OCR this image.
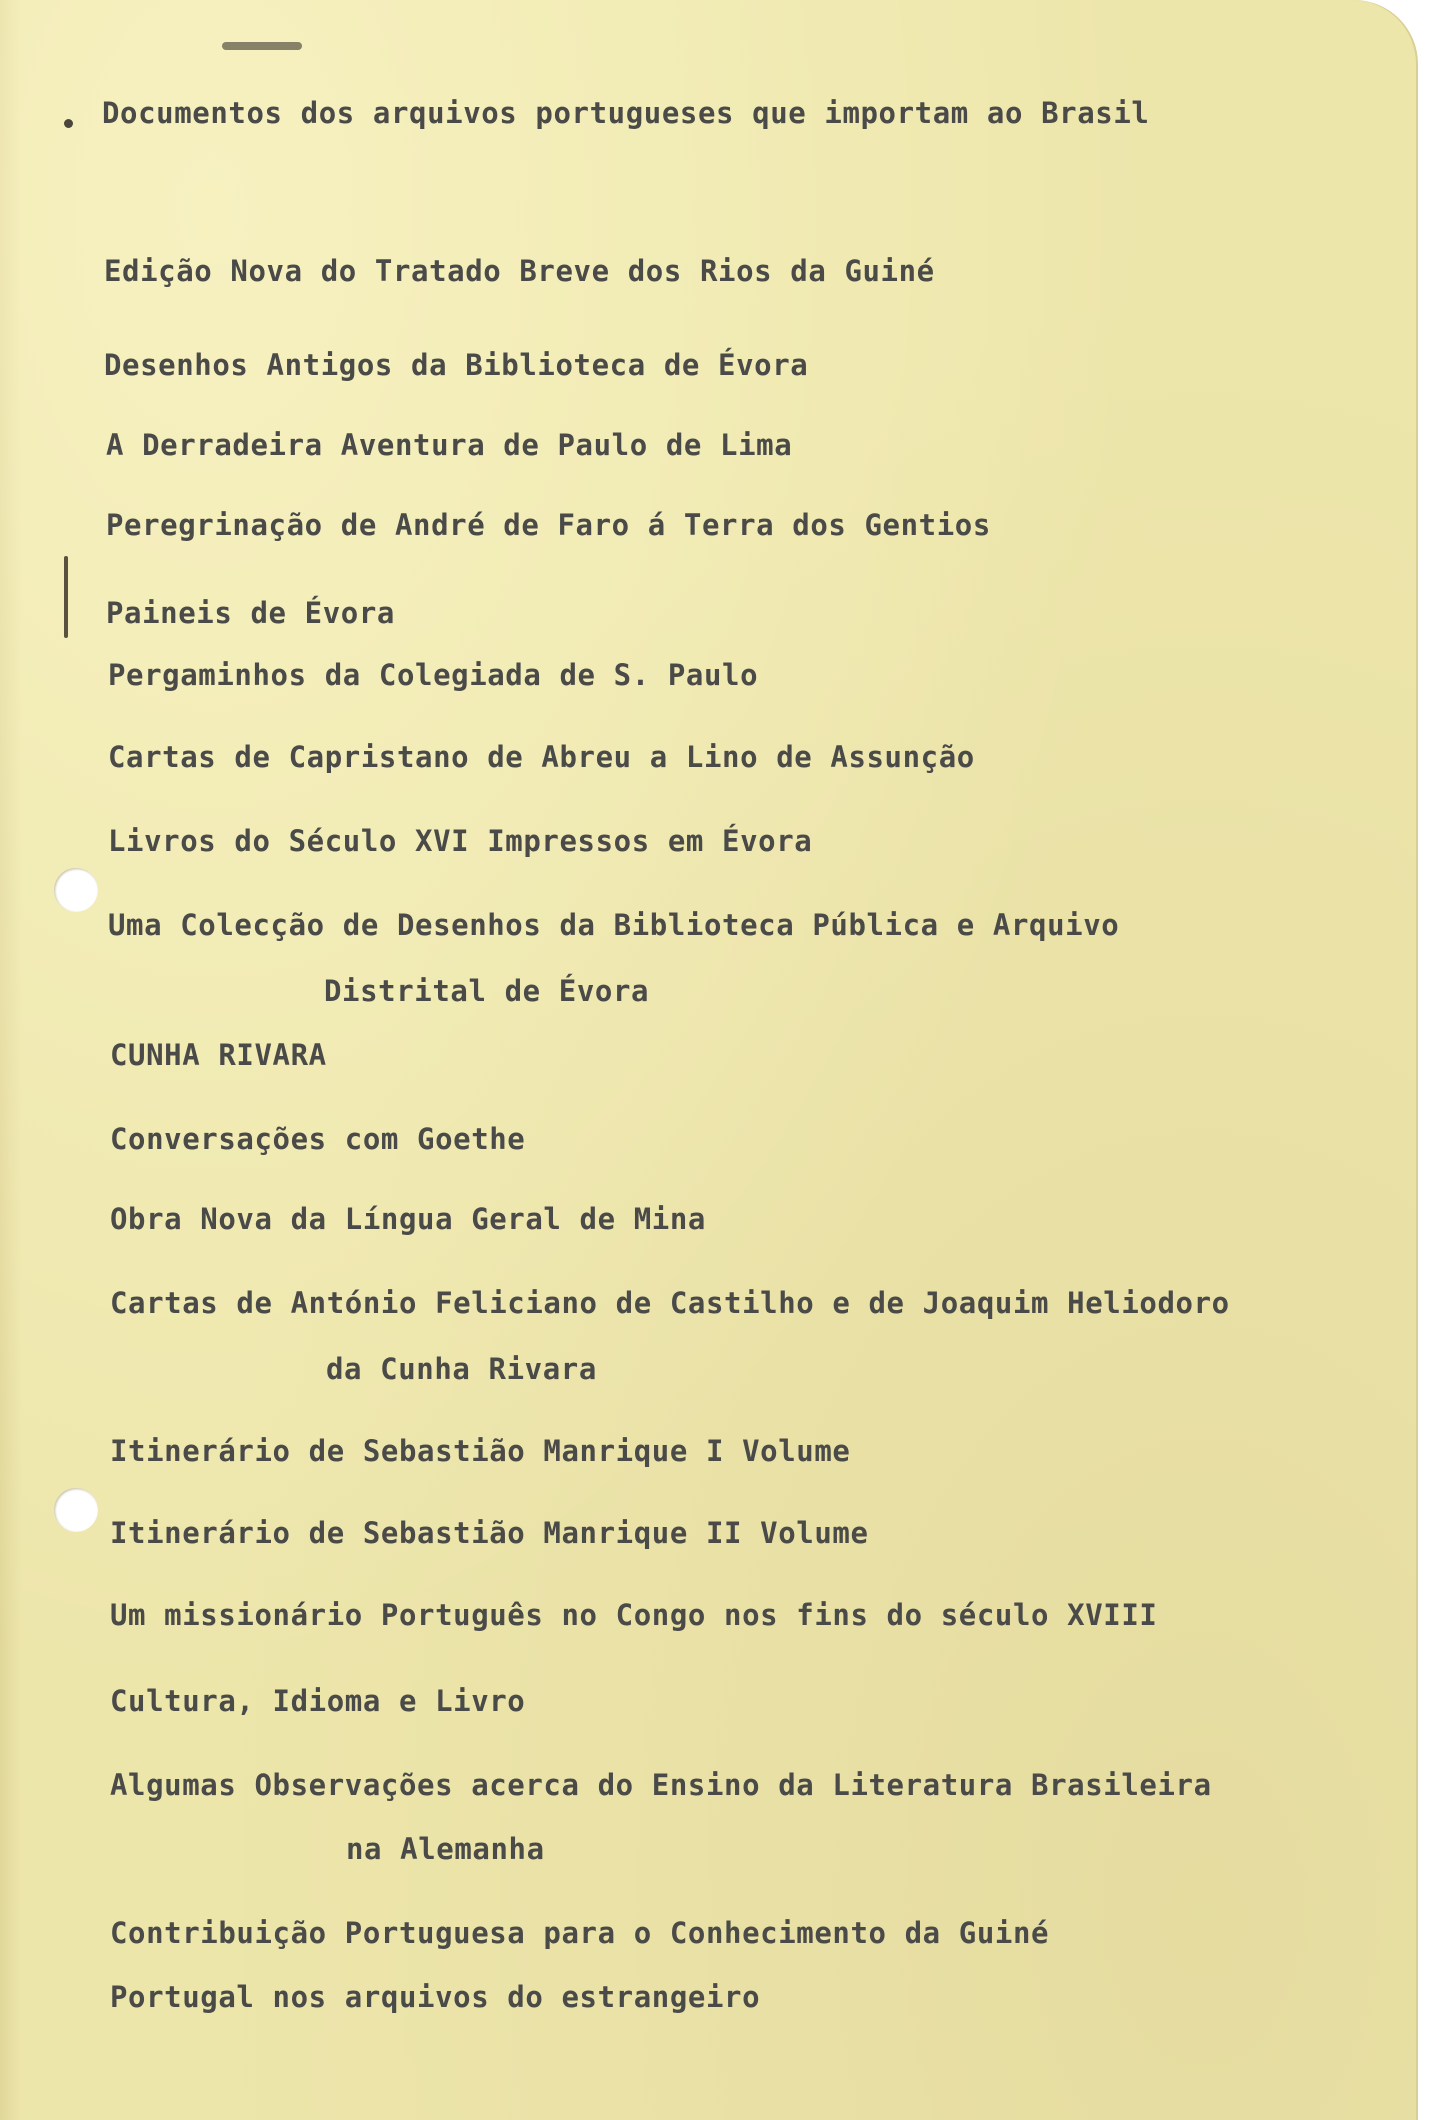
Documentos dos arquivos portugueses que importam ao Brasil

Edição Nova do Tratado Breve dos Rios da Guiné

Desenhos Antigos da Biblioteca de Évora

A Derradeira Aventura de Paulo de Lima

Peregrinação de André de Faro á Terra dos Gentios

Paineis de Évora

Pergaminhos da Colegiada de S. Paulo

Cartas de Capristano de Abreu a Lino de Assunção

Livros do Século XVI Impressos em Évora

Uma Colecção de Desenhos da Biblioteca Pública e Arquivo

Distrital de Évora

CUNHA RIVARA

Conversações com Goethe

Obra Nova da Língua Geral de Mina

Cartas de António Feliciano de Castilho e de Joaquim Heliodoro

da Cunha Rivara

Itinerário de Sebastião Manrique I Volume

Itinerário de Sebastião Manrique II Volume

Um missionário Português no Congo nos fins do século XVIII

Cultura, Idioma e Livro

Algumas Observações acerca do Ensino da Literatura Brasileira

na Alemanha

Contribuição Portuguesa para o Conhecimento da Guiné

Portugal nos arquivos do estrangeiro
